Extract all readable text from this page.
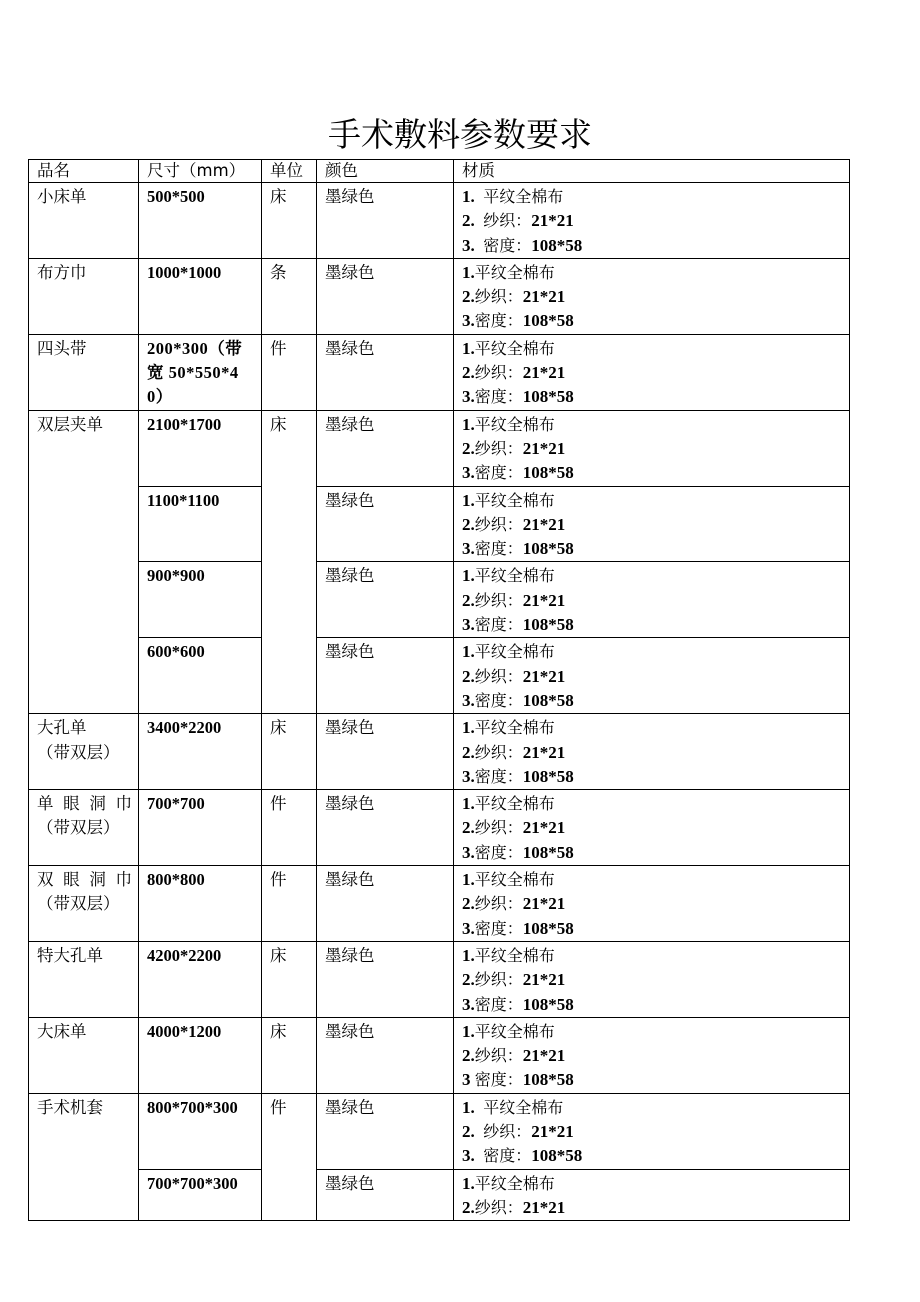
手术敷料参数要求
品名	尺寸（mm）	单位	颜色	材质

小床单	500*500	床	墨绿色	1.  平纹全棉布
2.  纱织：21*21
3.  密度：108*58

布方巾	1000*1000	条	墨绿色	1.平纹全棉布
2.纱织：21*21
3.密度：108*58

四头带	200*300（带宽 50*550*40）	件	墨绿色	1.平纹全棉布
2.纱织：21*21
3.密度：108*58

双层夹单	2100*1700	床	墨绿色	1.平纹全棉布
2.纱织：21*21
3.密度：108*58

	1100*1100		墨绿色	1.平纹全棉布
2.纱织：21*21
3.密度：108*58

	900*900		墨绿色	1.平纹全棉布
2.纱织：21*21
3.密度：108*58

	600*600		墨绿色	1.平纹全棉布
2.纱织：21*21
3.密度：108*58

大孔单
（带双层）	3400*2200	床	墨绿色	1.平纹全棉布
2.纱织：21*21
3.密度：108*58

单 眼 洞 巾
（带双层）	700*700	件	墨绿色	1.平纹全棉布
2.纱织：21*21
3.密度：108*58

双 眼 洞 巾
（带双层）	800*800	件	墨绿色	1.平纹全棉布
2.纱织：21*21
3.密度：108*58

特大孔单	4200*2200	床	墨绿色	1.平纹全棉布
2.纱织：21*21
3.密度：108*58

大床单	4000*1200	床	墨绿色	1.平纹全棉布
2.纱织：21*21
3 密度：108*58

手术机套	800*700*300	件	墨绿色	1.  平纹全棉布
2.  纱织：21*21
3.  密度：108*58

	700*700*300		墨绿色	1.平纹全棉布
2.纱织：21*21
